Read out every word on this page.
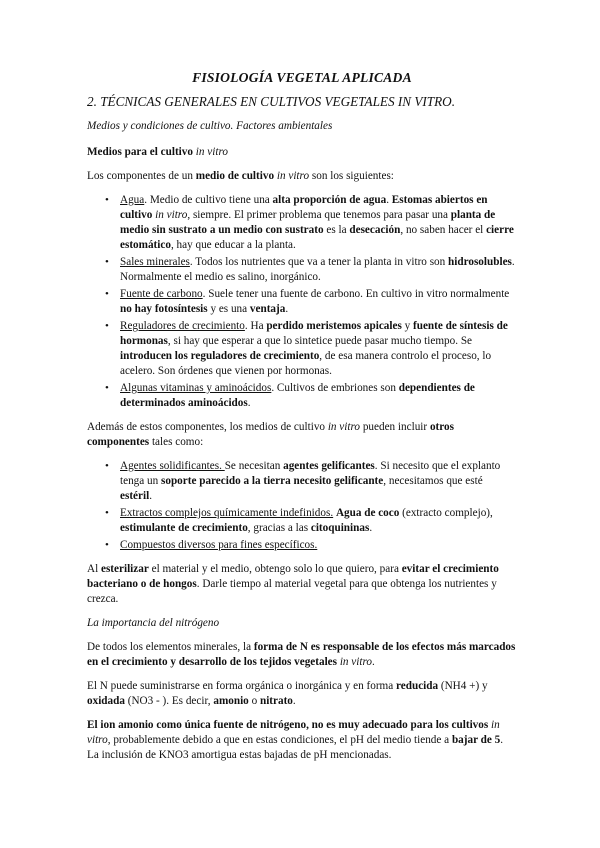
FISIOLOGÍA VEGETAL APLICADA
2. TÉCNICAS GENERALES EN CULTIVOS VEGETALES IN VITRO.
Medios y condiciones de cultivo. Factores ambientales
Medios para el cultivo in vitro

Los componentes de un medio de cultivo in vitro son los siguientes:

• Agua. Medio de cultivo tiene una alta proporción de agua. Estomas abiertos en cultivo in vitro, siempre. El primer problema que tenemos para pasar una planta de medio sin sustrato a un medio con sustrato es la desecación, no saben hacer el cierre estomático, hay que educar a la planta.
• Sales minerales. Todos los nutrientes que va a tener la planta in vitro son hidrosolubles. Normalmente el medio es salino, inorgánico.
• Fuente de carbono. Suele tener una fuente de carbono. En cultivo in vitro normalmente no hay fotosíntesis y es una ventaja.
• Reguladores de crecimiento. Ha perdido meristemos apicales y fuente de síntesis de hormonas, si hay que esperar a que lo sintetice puede pasar mucho tiempo. Se introducen los reguladores de crecimiento, de esa manera controlo el proceso, lo acelero. Son órdenes que vienen por hormonas.
• Algunas vitaminas y aminoácidos. Cultivos de embriones son dependientes de determinados aminoácidos.

Además de estos componentes, los medios de cultivo in vitro pueden incluir otros componentes tales como:

• Agentes solidificantes. Se necesitan agentes gelificantes. Si necesito que el explanto tenga un soporte parecido a la tierra necesito gelificante, necesitamos que esté estéril.
• Extractos complejos químicamente indefinidos. Agua de coco (extracto complejo), estimulante de crecimiento, gracias a las citoquininas.
• Compuestos diversos para fines específicos.

Al esterilizar el material y el medio, obtengo solo lo que quiero, para evitar el crecimiento bacteriano o de hongos. Darle tiempo al material vegetal para que obtenga los nutrientes y crezca.

La importancia del nitrógeno

De todos los elementos minerales, la forma de N es responsable de los efectos más marcados en el crecimiento y desarrollo de los tejidos vegetales in vitro.

El N puede suministrarse en forma orgánica o inorgánica y en forma reducida (NH4 +) y oxidada (NO3 - ). Es decir, amonio o nitrato.

El ion amonio como única fuente de nitrógeno, no es muy adecuado para los cultivos in vitro, probablemente debido a que en estas condiciones, el pH del medio tiende a bajar de 5. La inclusión de KNO3 amortigua estas bajadas de pH mencionadas.
